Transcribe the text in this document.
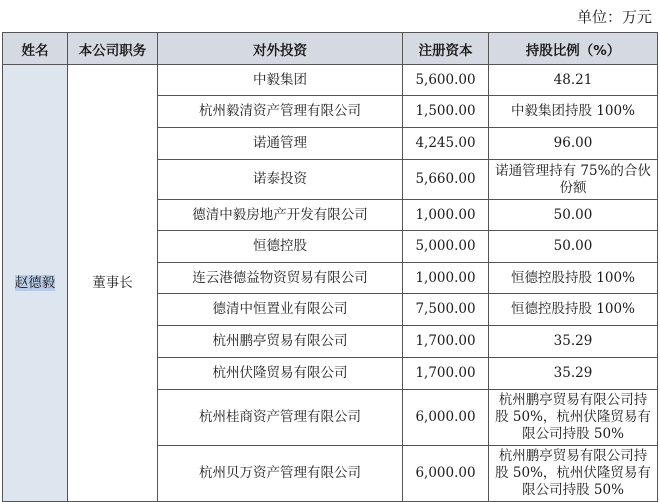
单位：万元
姓名	本公司职务	对外投资	注册资本	持股比例（%）
赵德毅	董事长	中毅集团	5,600.00	48.21
		杭州毅清资产管理有限公司	1,500.00	中毅集团持股 100%
		诺通管理	4,245.00	96.00
		诺泰投资	5,660.00	诺通管理持有 75%的合伙份额
		德清中毅房地产开发有限公司	1,000.00	50.00
		恒德控股	5,000.00	50.00
		连云港德益物资贸易有限公司	1,000.00	恒德控股持股 100%
		德清中恒置业有限公司	7,500.00	恒德控股持股 100%
		杭州鹏亭贸易有限公司	1,700.00	35.29
		杭州伏隆贸易有限公司	1,700.00	35.29
		杭州桂商资产管理有限公司	6,000.00	杭州鹏亭贸易有限公司持股 50%，杭州伏隆贸易有限公司持股 50%
		杭州贝万资产管理有限公司	6,000.00	杭州鹏亭贸易有限公司持股 50%，杭州伏隆贸易有限公司持股 50%
